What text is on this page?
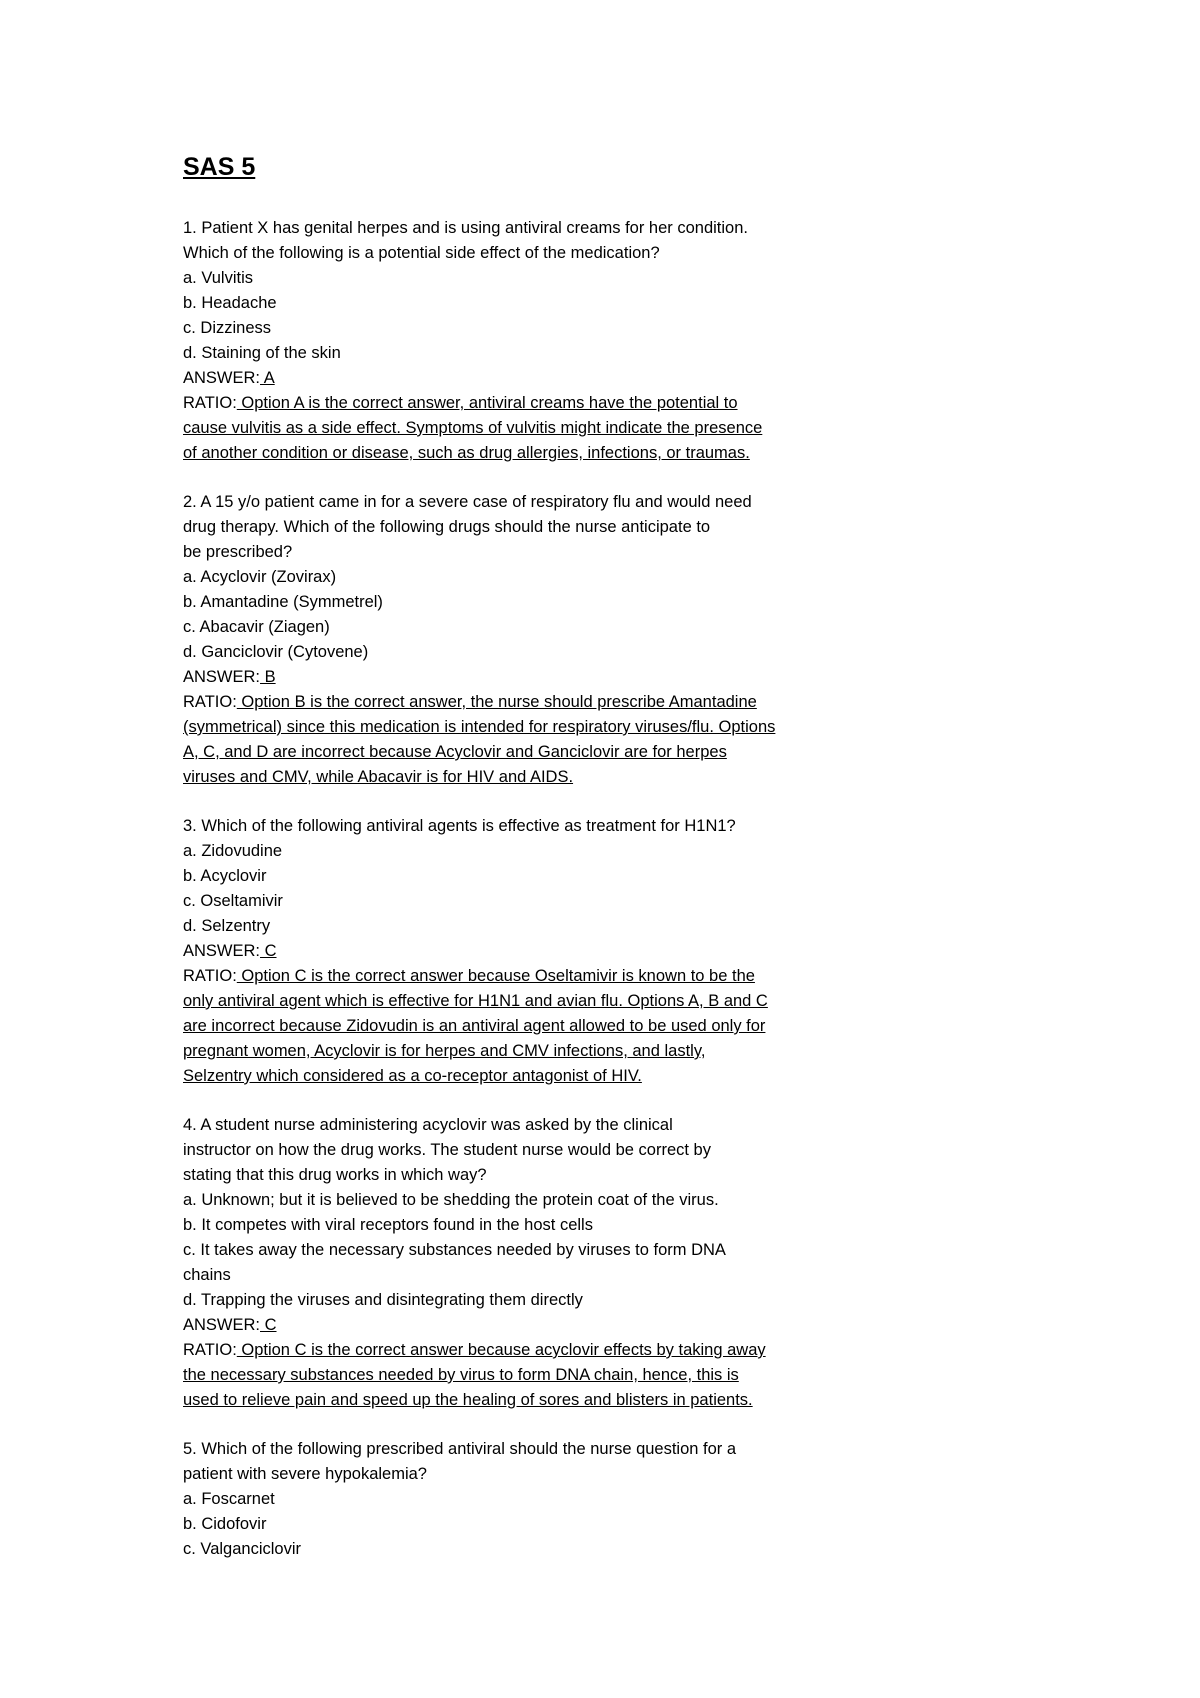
SAS 5
1. Patient X has genital herpes and is using antiviral creams for her condition.
Which of the following is a potential side effect of the medication?
a. Vulvitis
b. Headache
c. Dizziness
d. Staining of the skin
ANSWER: A
RATIO: Option A is the correct answer, antiviral creams have the potential to
cause vulvitis as a side effect. Symptoms of vulvitis might indicate the presence
of another condition or disease, such as drug allergies, infections, or traumas.
2. A 15 y/o patient came in for a severe case of respiratory flu and would need
drug therapy. Which of the following drugs should the nurse anticipate to
be prescribed?
a. Acyclovir (Zovirax)
b. Amantadine (Symmetrel)
c. Abacavir (Ziagen)
d. Ganciclovir (Cytovene)
ANSWER: B
RATIO: Option B is the correct answer, the nurse should prescribe Amantadine
(symmetrical) since this medication is intended for respiratory viruses/flu. Options
A, C, and D are incorrect because Acyclovir and Ganciclovir are for herpes
viruses and CMV, while Abacavir is for HIV and AIDS.
3. Which of the following antiviral agents is effective as treatment for H1N1?
a. Zidovudine
b. Acyclovir
c. Oseltamivir
d. Selzentry
ANSWER: C
RATIO: Option C is the correct answer because Oseltamivir is known to be the
only antiviral agent which is effective for H1N1 and avian flu. Options A, B and C
are incorrect because Zidovudin is an antiviral agent allowed to be used only for
pregnant women, Acyclovir is for herpes and CMV infections, and lastly,
Selzentry which considered as a co-receptor antagonist of HIV.
4. A student nurse administering acyclovir was asked by the clinical
instructor on how the drug works. The student nurse would be correct by
stating that this drug works in which way?
a. Unknown; but it is believed to be shedding the protein coat of the virus.
b. It competes with viral receptors found in the host cells
c. It takes away the necessary substances needed by viruses to form DNA
chains
d. Trapping the viruses and disintegrating them directly
ANSWER: C
RATIO: Option C is the correct answer because acyclovir effects by taking away
the necessary substances needed by virus to form DNA chain, hence, this is
used to relieve pain and speed up the healing of sores and blisters in patients.
5. Which of the following prescribed antiviral should the nurse question for a
patient with severe hypokalemia?
a. Foscarnet
b. Cidofovir
c. Valganciclovir
